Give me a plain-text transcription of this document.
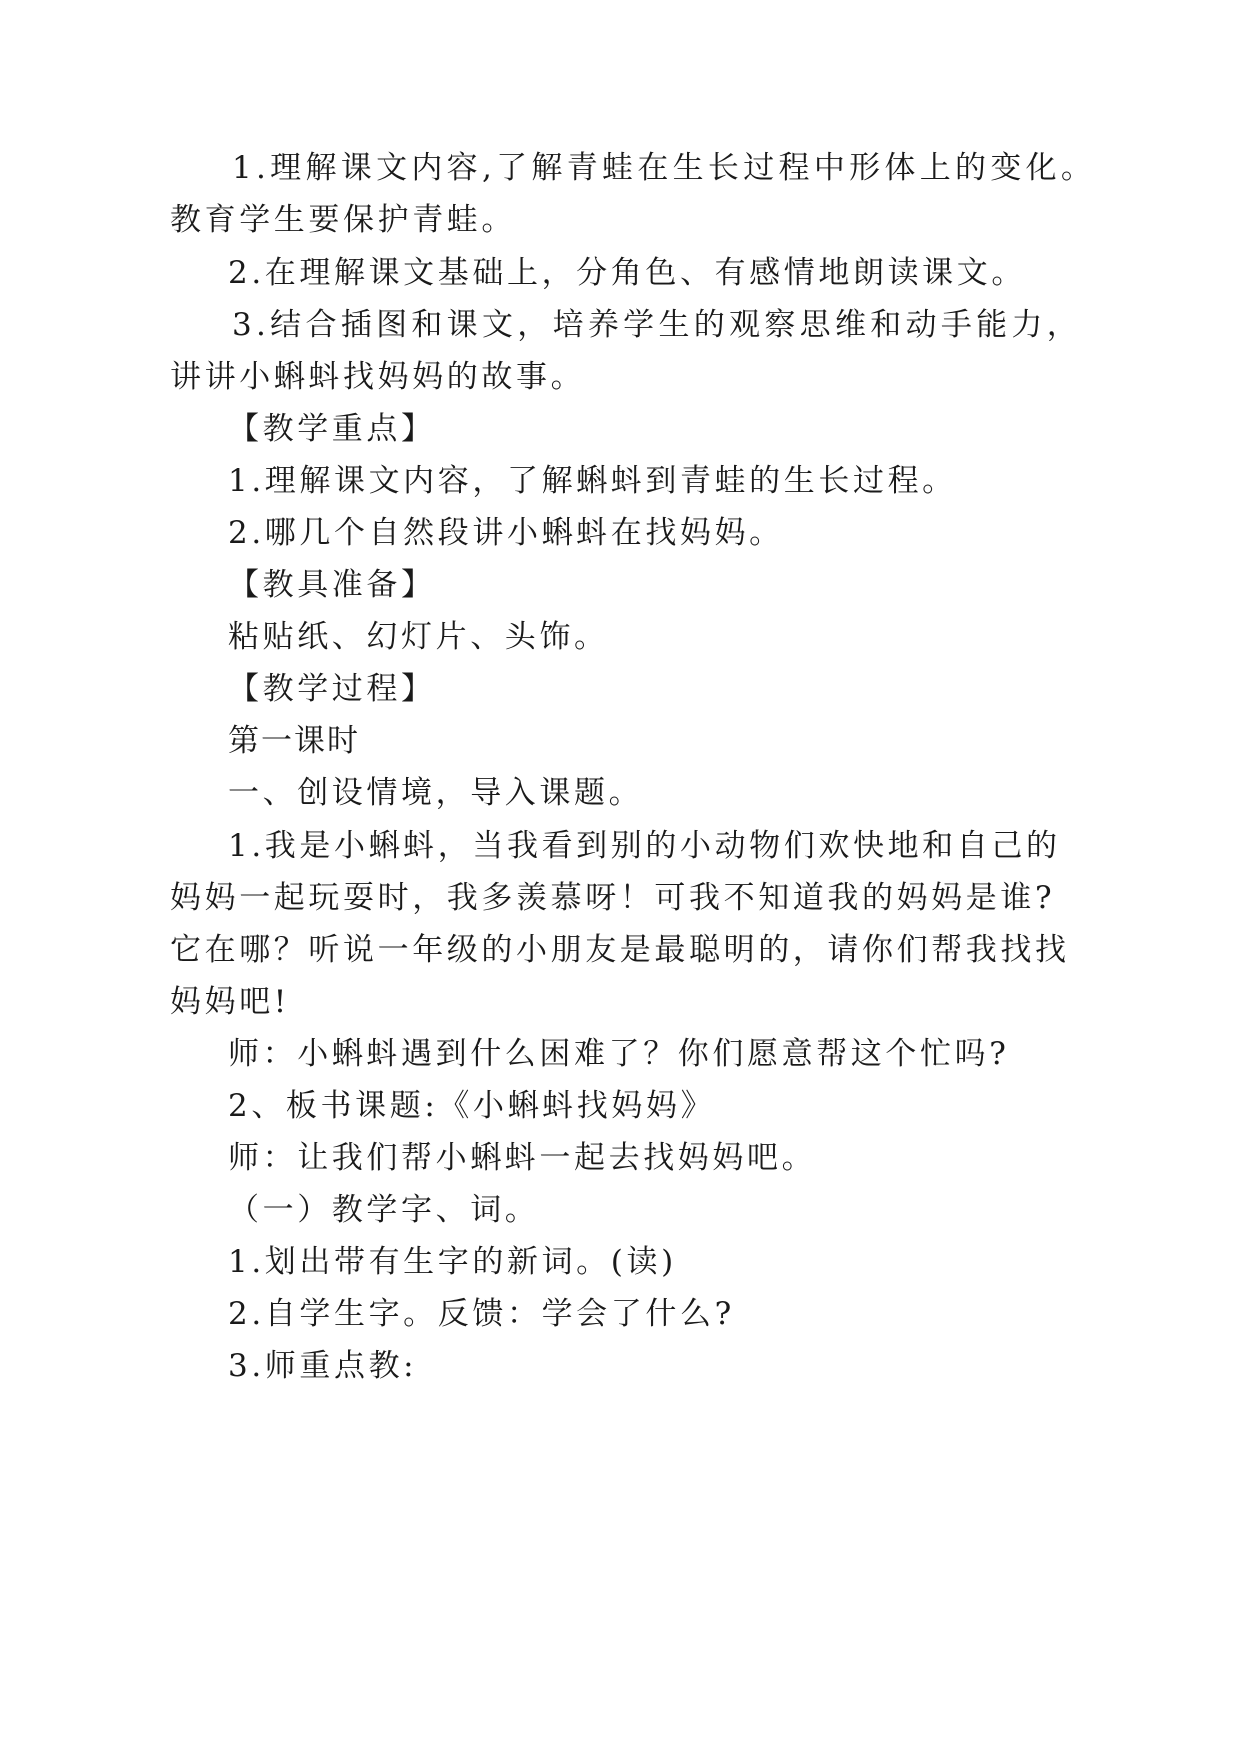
1.理解课文内容,了解青蛙在生长过程中形体上的变化。

教育学生要保护青蛙。

2.在理解课文基础上，分角色、有感情地朗读课文。

3.结合插图和课文，培养学生的观察思维和动手能力，

讲讲小蝌蚪找妈妈的故事。

【教学重点】

1.理解课文内容，了解蝌蚪到青蛙的生长过程。

2.哪几个自然段讲小蝌蚪在找妈妈。

【教具准备】

粘贴纸、幻灯片、头饰。

【教学过程】

第一课时

一、创设情境，导入课题。

1.我是小蝌蚪，当我看到别的小动物们欢快地和自己的

妈妈一起玩耍时，我多羡慕呀！可我不知道我的妈妈是谁?

它在哪？听说一年级的小朋友是最聪明的，请你们帮我找找

妈妈吧!

师：小蝌蚪遇到什么困难了？你们愿意帮这个忙吗?

2、板书课题:《小蝌蚪找妈妈》

师：让我们帮小蝌蚪一起去找妈妈吧。

（一）教学字、词。

1.划出带有生字的新词。(读)

2.自学生字。反馈：学会了什么?

3.师重点教:
